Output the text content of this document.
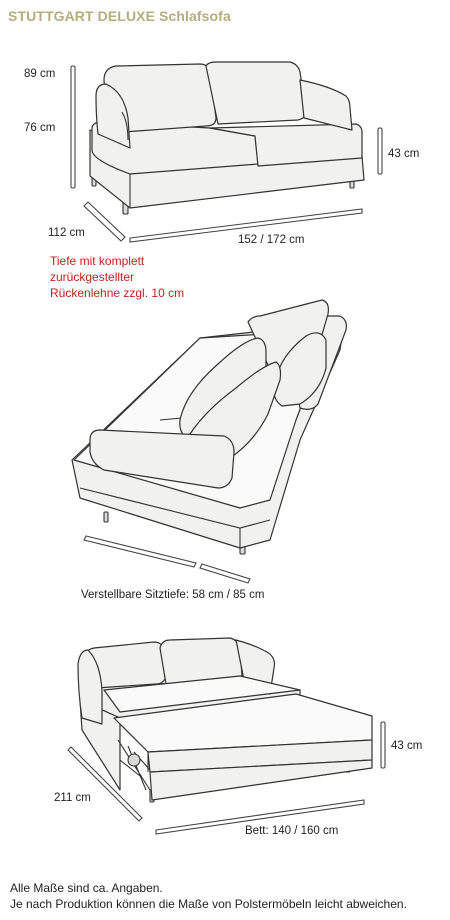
STUTTGART DELUXE Schlafsofa
89 cm
76 cm
43 cm
112 cm
152 / 172 cm
Tiefe mit komplett
zurückgestellter
Rückenlehne zzgl. 10 cm
Verstellbare Sitztiefe: 58 cm / 85 cm
43 cm
211 cm
Bett: 140 / 160 cm
Alle Maße sind ca. Angaben.
Je nach Produktion können die Maße von Polstermöbeln leicht abweichen.
